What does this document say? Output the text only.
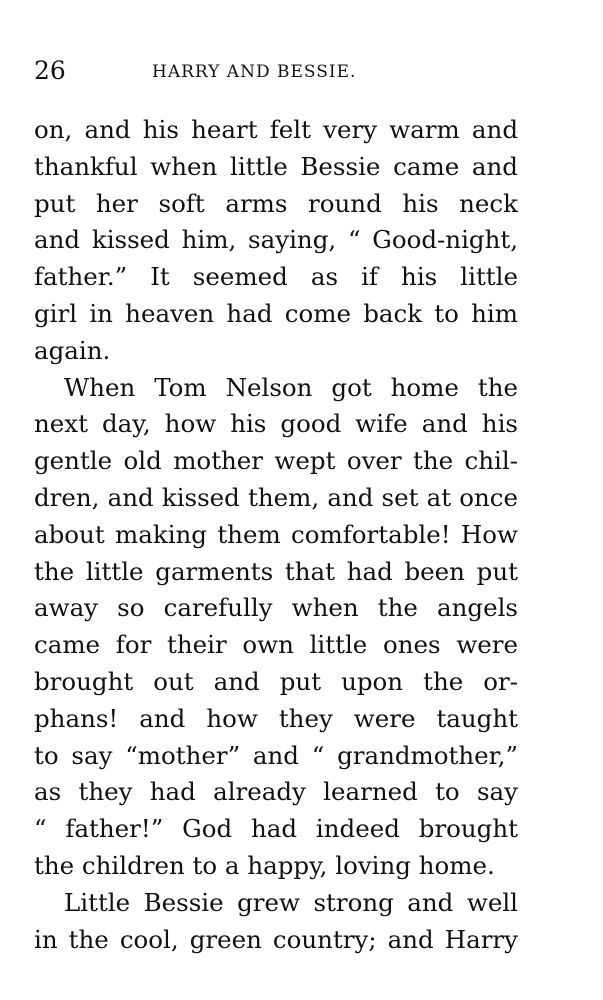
26	HARRY AND BESSIE.
on, and his heart felt very warm and
thankful when little Bessie came and
put her soft arms round his neck
and kissed him, saying, “ Good-night,
father.” It seemed as if his little
girl in heaven had come back to him
again.
When Tom Nelson got home the
next day, how his good wife and his
gentle old mother wept over the chil-
dren, and kissed them, and set at once
about making them comfortable! How
the little garments that had been put
away so carefully when the angels
came for their own little ones were
brought out and put upon the or-
phans! and how they were taught
to say “mother” and “ grandmother,”
as they had already learned to say
“ father!” God had indeed brought
the children to a happy, loving home.
Little Bessie grew strong and well
in the cool, green country; and Harry
